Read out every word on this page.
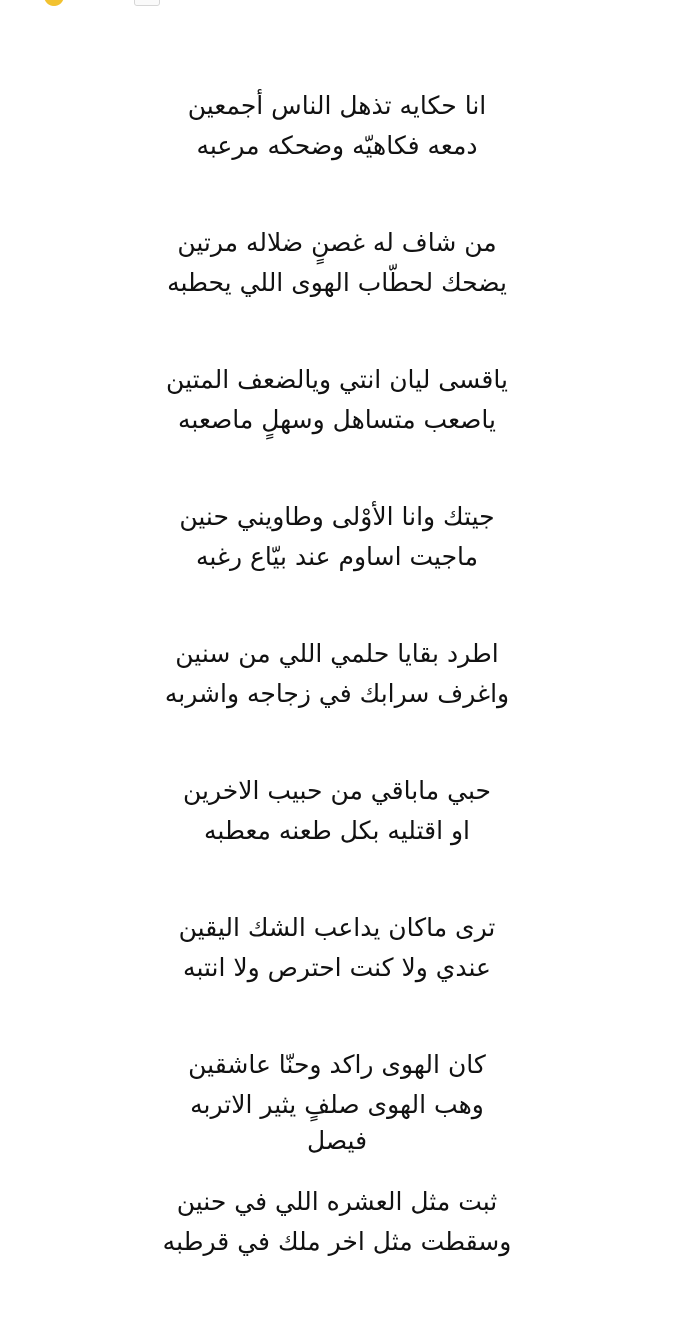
انا حكايه تذهل الناس أجمعين
دمعه فكاهيّه وضحكه مرعبه
من شاف له غصنٍ ضلاله مرتين
يضحك لحطّاب الهوى اللي يحطبه
ياقسى ليان انتي ويالضعف المتين
ياصعب متساهل وسهلٍ ماصعبه
جيتك وانا الأوْلى وطاويني حنين
ماجيت اساوم عند بيّاع رغبه
اطرد بقايا حلمي اللي من سنين
واغرف سرابك في زجاجه واشربه
حبي ماباقي من حبيب الاخرين
او اقتليه بكل طعنه معطبه
ترى ماكان يداعب الشك اليقين
عندي ولا كنت احترص ولا انتبه
كان الهوى راكد وحنّا عاشقين
وهب الهوى صلفٍ يثير الاتربه
ثبت مثل العشره اللي في حنين
وسقطت مثل اخر ملك في قرطبه
فيصل
